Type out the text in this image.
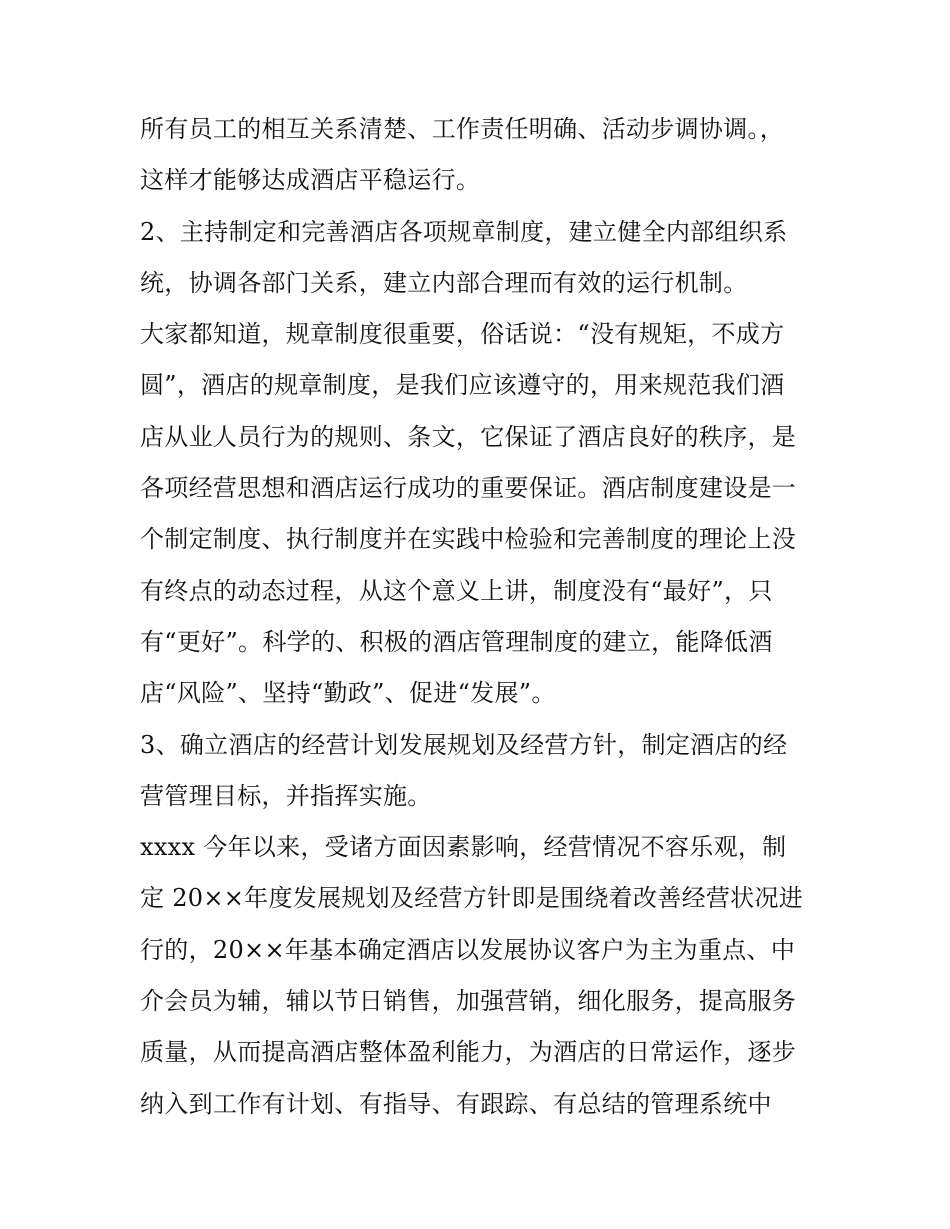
所有员工的相互关系清楚、工作责任明确、活动步调协调。，
这样才能够达成酒店平稳运行。
2、主持制定和完善酒店各项规章制度，建立健全内部组织系
统，协调各部门关系，建立内部合理而有效的运行机制。
大家都知道，规章制度很重要，俗话说：“没有规矩，不成方
圆”，酒店的规章制度，是我们应该遵守的，用来规范我们酒
店从业人员行为的规则、条文，它保证了酒店良好的秩序，是
各项经营思想和酒店运行成功的重要保证。酒店制度建设是一
个制定制度、执行制度并在实践中检验和完善制度的理论上没
有终点的动态过程，从这个意义上讲，制度没有“最好”，只
有“更好”。科学的、积极的酒店管理制度的建立，能降低酒
店“风险”、坚持“勤政”、促进“发展”。
3、确立酒店的经营计划发展规划及经营方针，制定酒店的经
营管理目标，并指挥实施。
xxxx 今年以来，受诸方面因素影响，经营情况不容乐观，制
定 20××年度发展规划及经营方针即是围绕着改善经营状况进
行的，20××年基本确定酒店以发展协议客户为主为重点、中
介会员为辅，辅以节日销售，加强营销，细化服务，提高服务
质量，从而提高酒店整体盈利能力，为酒店的日常运作，逐步
纳入到工作有计划、有指导、有跟踪、有总结的管理系统中
